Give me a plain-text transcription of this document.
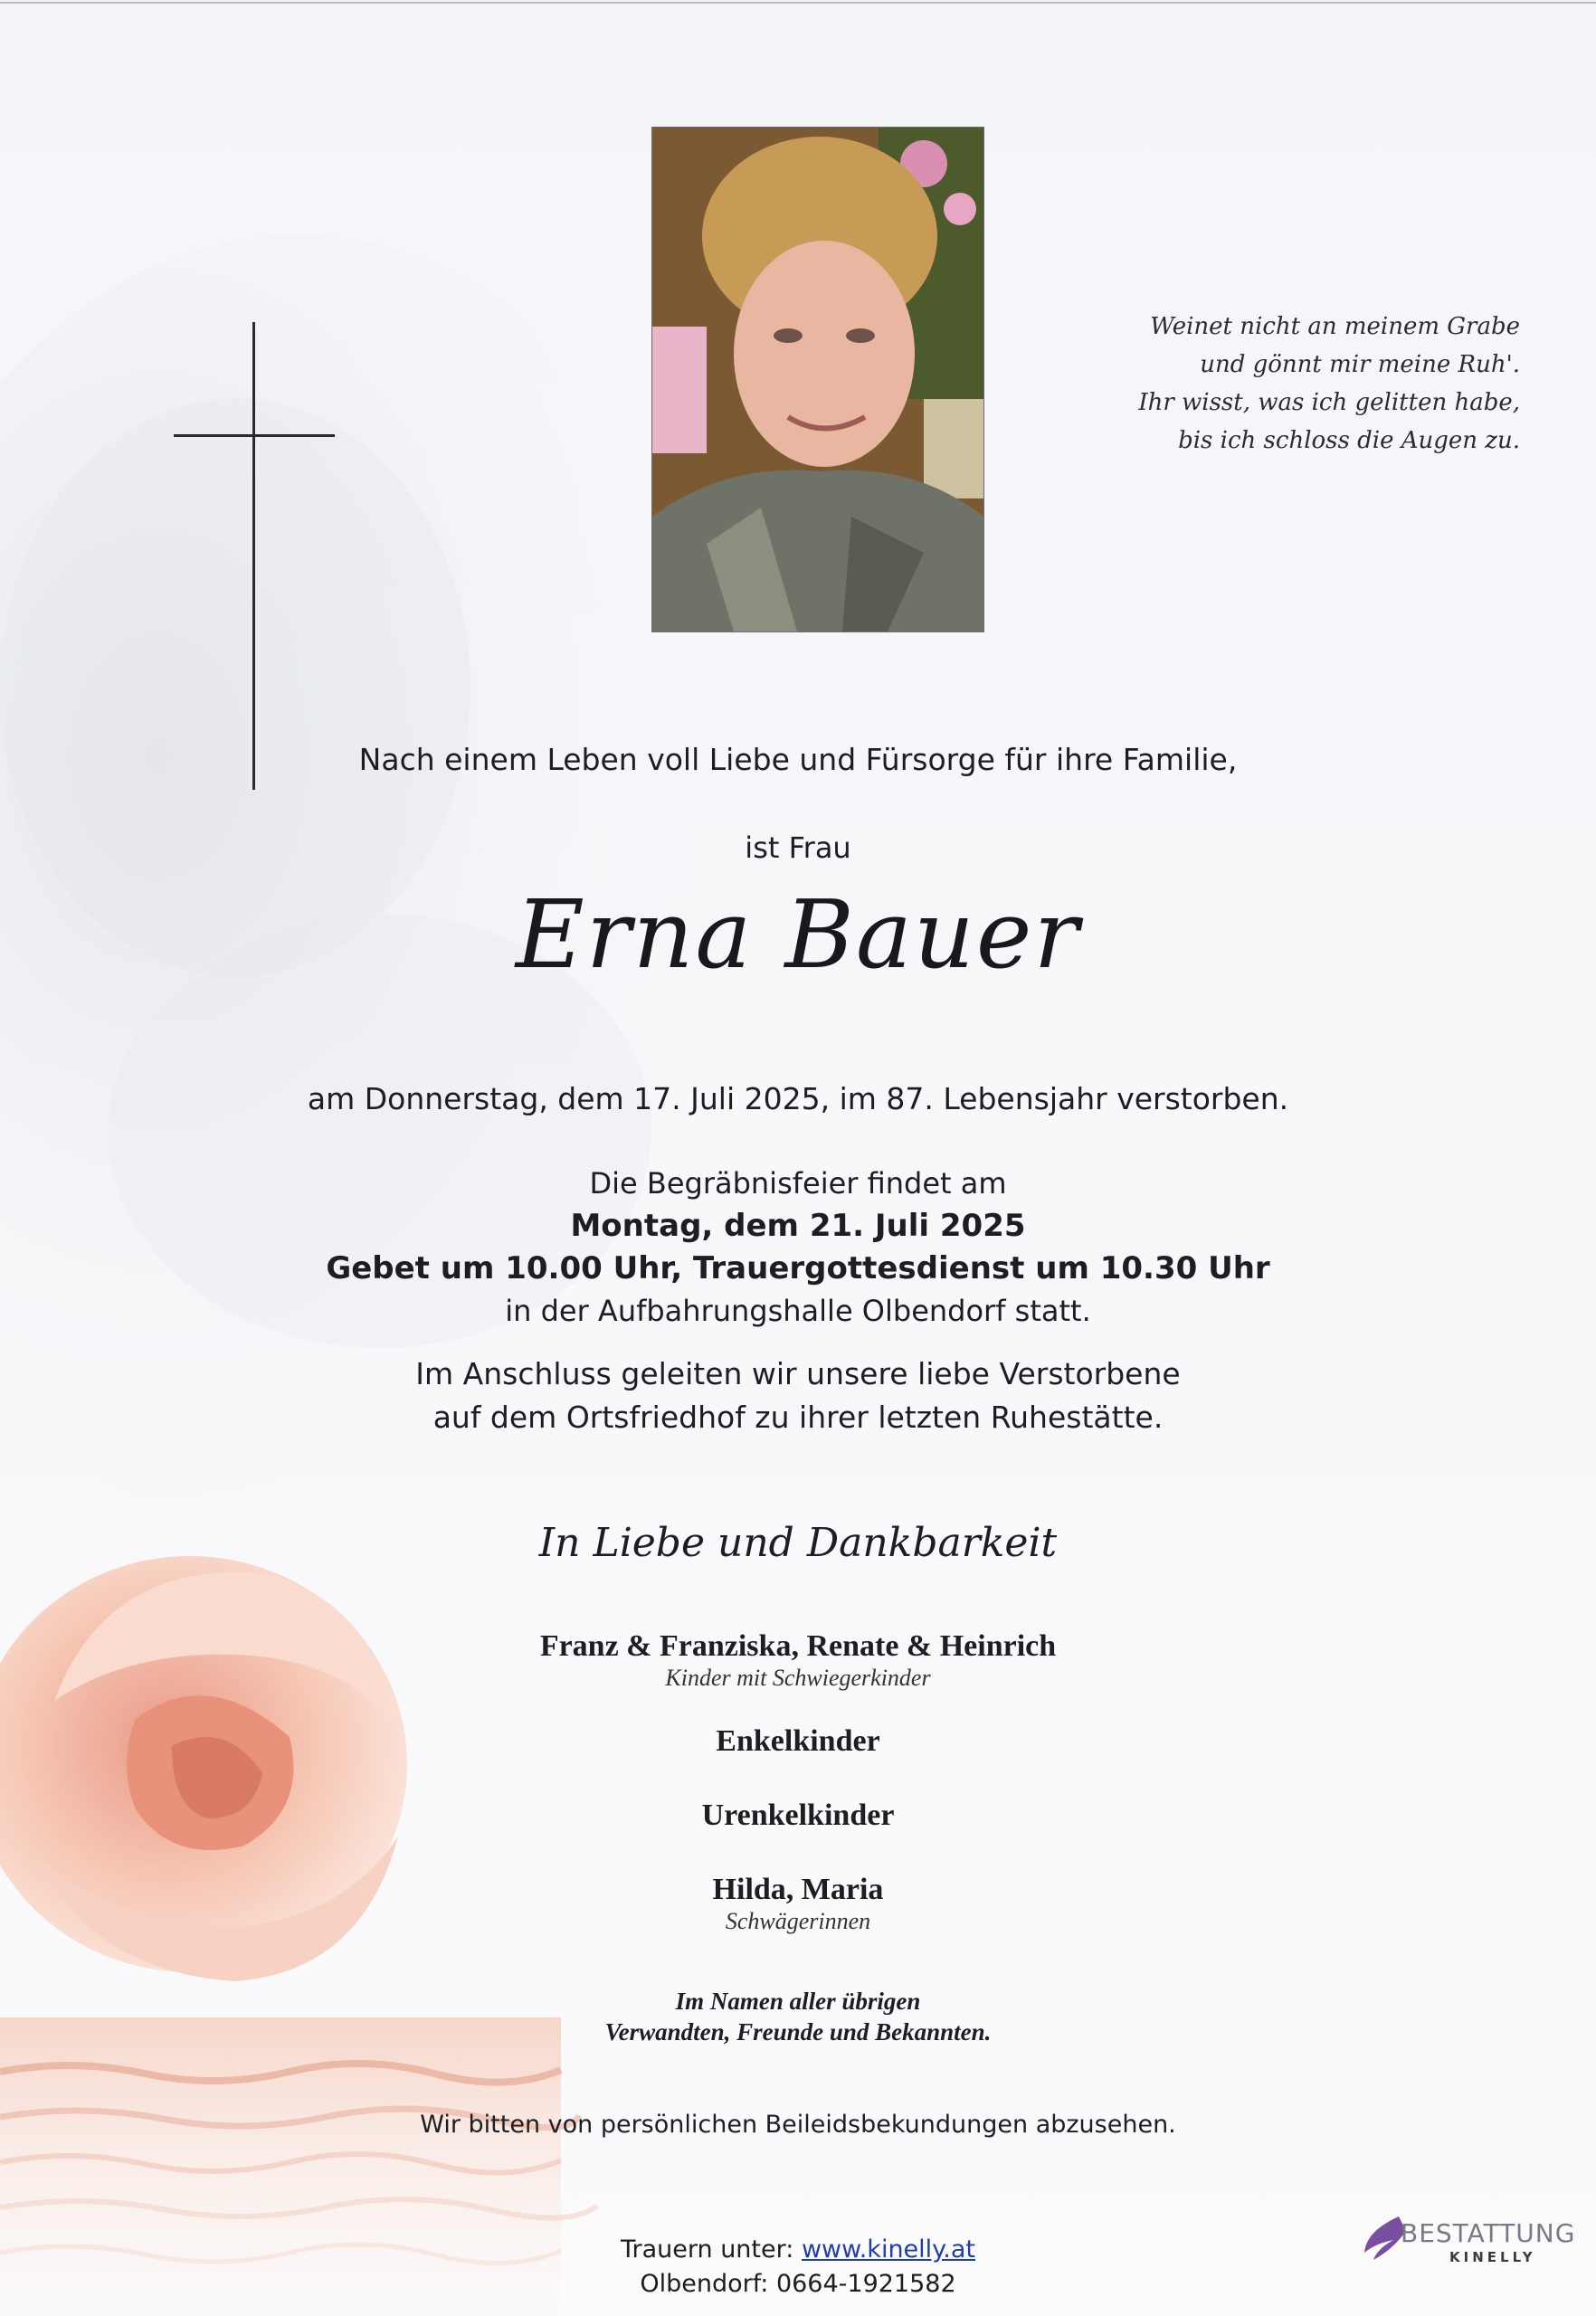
Weinet nicht an meinem Grabe
und gönnt mir meine Ruh'.
Ihr wisst, was ich gelitten habe,
bis ich schloss die Augen zu.
Nach einem Leben voll Liebe und Fürsorge für ihre Familie,
ist Frau
Erna Bauer
am Donnerstag, dem 17. Juli 2025, im 87. Lebensjahr verstorben.
Die Begräbnisfeier findet am
Montag, dem 21. Juli 2025
Gebet um 10.00 Uhr, Trauergottesdienst um 10.30 Uhr
in der Aufbahrungshalle Olbendorf statt.
Im Anschluss geleiten wir unsere liebe Verstorbene
auf dem Ortsfriedhof zu ihrer letzten Ruhestätte.
In Liebe und Dankbarkeit
Franz & Franziska, Renate & Heinrich
Kinder mit Schwiegerkinder
Enkelkinder
Urenkelkinder
Hilda, Maria
Schwägerinnen
Im Namen aller übrigen
Verwandten, Freunde und Bekannten.
Wir bitten von persönlichen Beileidsbekundungen abzusehen.
Trauern unter: www.kinelly.at
Olbendorf: 0664-1921582
BESTATTUNG
KINELLY
